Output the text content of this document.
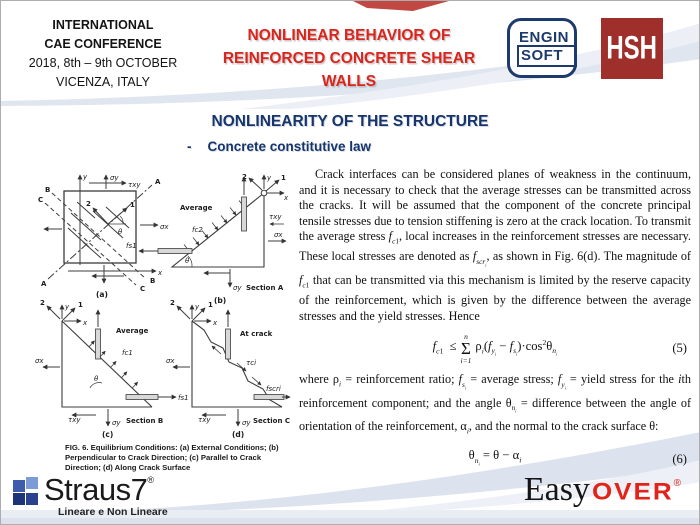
INTERNATIONAL
CAE CONFERENCE
2018, 8th – 9th OCTOBER
VICENZA, ITALY
NONLINEAR BEHAVIOR OF
REINFORCED CONCRETE SHEAR
WALLS
ENGIN
SOFT	HSH
NONLINEARITY OF THE STRUCTURE
- Concrete constitutive law
y
x
σy
τxy
σx
A
A
B
B
C
C
1
2
θ
(a)
Average
fc2
fs1
θ
y
x
1
2
τxy
σx
σy Section A
(b)
y
x
1
2
Average
fc1
θ
σx
fs1
τxy	σy Section B
(c)
y
x
1
2
At crack
τci
σx
fscri
τxy	σy Section C
(d)
FIG. 6. Equilibrium Conditions: (a) External Conditions; (b) Perpendicular to Crack Direction; (c) Parallel to Crack Direction; (d) Along Crack Surface

Crack interfaces can be considered planes of weakness in the continuum, and it is necessary to check that the average stresses can be transmitted across the cracks. It will be assumed that the component of the concrete principal tensile stresses due to tension stiffening is zero at the crack location. To transmit the average stress $f_{c1}$, local increases in the reinforcement stresses are necessary. These local stresses are denoted as $f_{scr_i}$, as shown in Fig. 6(d). The magnitude of $f_{c1}$ that can be transmitted via this mechanism is limited by the reserve capacity of the reinforcement, which is given by the difference between the average stresses and the yield stresses. Hence

$f_{c1}$  ≤
n
Σ
i=1
$\rho_i(f_{y_i} - f_{s_i})\cdot\cos^2\theta_{n_i}$	(5)

where $\rho_i$ = reinforcement ratio; $f_{s_i}$ = average stress; $f_{y_i}$ = yield stress for the ith reinforcement component; and the angle $\theta_{n_i}$ = difference between the angle of orientation of the reinforcement, $\alpha_i$, and the normal to the crack surface θ:

$\theta_{n_i} = \theta - \alpha_i$	(6)
Straus7®
Lineare e Non Lineare
Easy OVER ®
